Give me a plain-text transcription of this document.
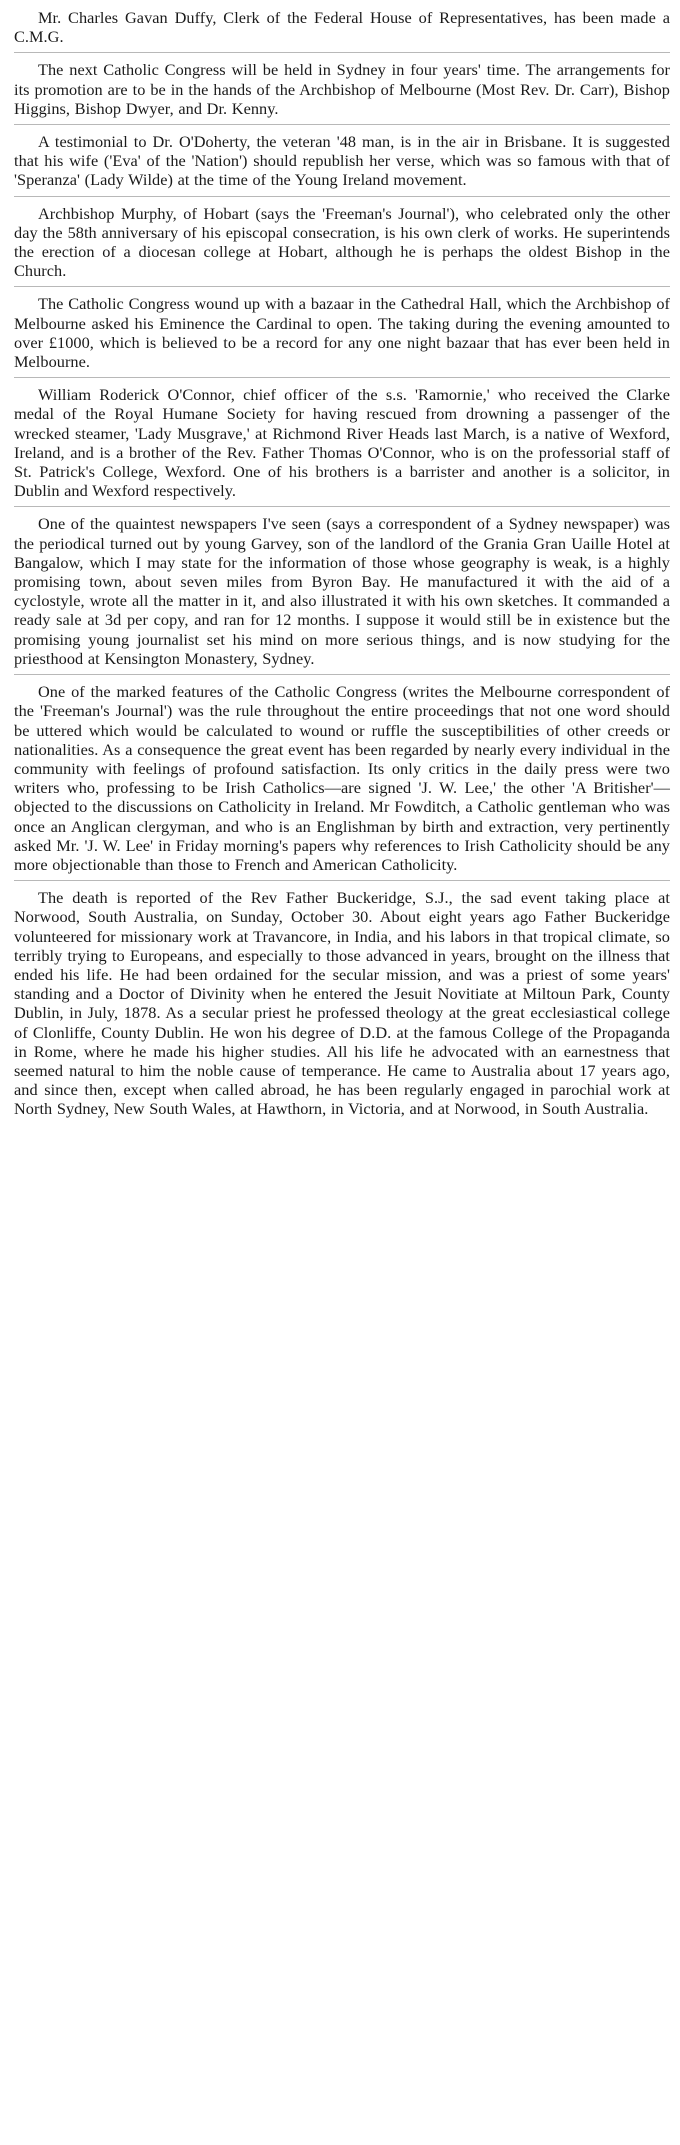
Mr. Charles Gavan Duffy, Clerk of the Federal House of Representatives, has been made a C.M.G.

The next Catholic Congress will be held in Sydney in four years' time. The arrangements for its promotion are to be in the hands of the Archbishop of Melbourne (Most Rev. Dr. Carr), Bishop Higgins, Bishop Dwyer, and Dr. Kenny.

A testimonial to Dr. O'Doherty, the veteran '48 man, is in the air in Brisbane. It is suggested that his wife ('Eva' of the 'Nation') should republish her verse, which was so famous with that of 'Speranza' (Lady Wilde) at the time of the Young Ireland movement.

Archbishop Murphy, of Hobart (says the 'Freeman's Journal'), who celebrated only the other day the 58th anniversary of his episcopal consecration, is his own clerk of works. He superintends the erection of a diocesan college at Hobart, although he is perhaps the oldest Bishop in the Church.

The Catholic Congress wound up with a bazaar in the Cathedral Hall, which the Archbishop of Melbourne asked his Eminence the Cardinal to open. The taking during the evening amounted to over £1000, which is believed to be a record for any one night bazaar that has ever been held in Melbourne.

William Roderick O'Connor, chief officer of the s.s. 'Ramornie,' who received the Clarke medal of the Royal Humane Society for having rescued from drowning a passenger of the wrecked steamer, 'Lady Musgrave,' at Richmond River Heads last March, is a native of Wexford, Ireland, and is a brother of the Rev. Father Thomas O'Connor, who is on the professorial staff of St. Patrick's College, Wexford. One of his brothers is a barrister and another is a solicitor, in Dublin and Wexford respectively.

One of the quaintest newspapers I've seen (says a correspondent of a Sydney newspaper) was the periodical turned out by young Garvey, son of the landlord of the Grania Gran Uaille Hotel at Bangalow, which I may state for the information of those whose geography is weak, is a highly promising town, about seven miles from Byron Bay. He manufactured it with the aid of a cyclostyle, wrote all the matter in it, and also illustrated it with his own sketches. It commanded a ready sale at 3d per copy, and ran for 12 months. I suppose it would still be in existence but the promising young journalist set his mind on more serious things, and is now studying for the priesthood at Kensington Monastery, Sydney.

One of the marked features of the Catholic Congress (writes the Melbourne correspondent of the 'Freeman's Journal') was the rule throughout the entire proceedings that not one word should be uttered which would be calculated to wound or ruffle the susceptibilities of other creeds or nationalities. As a consequence the great event has been regarded by nearly every individual in the community with feelings of profound satisfaction. Its only critics in the daily press were two writers who, professing to be Irish Catholics—are signed 'J. W. Lee,' the other 'A Britisher'—objected to the discussions on Catholicity in Ireland. Mr Fowditch, a Catholic gentleman who was once an Anglican clergyman, and who is an Englishman by birth and extraction, very pertinently asked Mr. 'J. W. Lee' in Friday morning's papers why references to Irish Catholicity should be any more objectionable than those to French and American Catholicity.

The death is reported of the Rev Father Buckeridge, S.J., the sad event taking place at Norwood, South Australia, on Sunday, October 30. About eight years ago Father Buckeridge volunteered for missionary work at Travancore, in India, and his labors in that tropical climate, so terribly trying to Europeans, and especially to those advanced in years, brought on the illness that ended his life. He had been ordained for the secular mission, and was a priest of some years' standing and a Doctor of Divinity when he entered the Jesuit Novitiate at Miltoun Park, County Dublin, in July, 1878. As a secular priest he professed theology at the great ecclesiastical college of Clonliffe, County Dublin. He won his degree of D.D. at the famous College of the Propaganda in Rome, where he made his higher studies. All his life he advocated with an earnestness that seemed natural to him the noble cause of temperance. He came to Australia about 17 years ago, and since then, except when called abroad, he has been regularly engaged in parochial work at North Sydney, New South Wales, at Hawthorn, in Victoria, and at Norwood, in South Australia.
